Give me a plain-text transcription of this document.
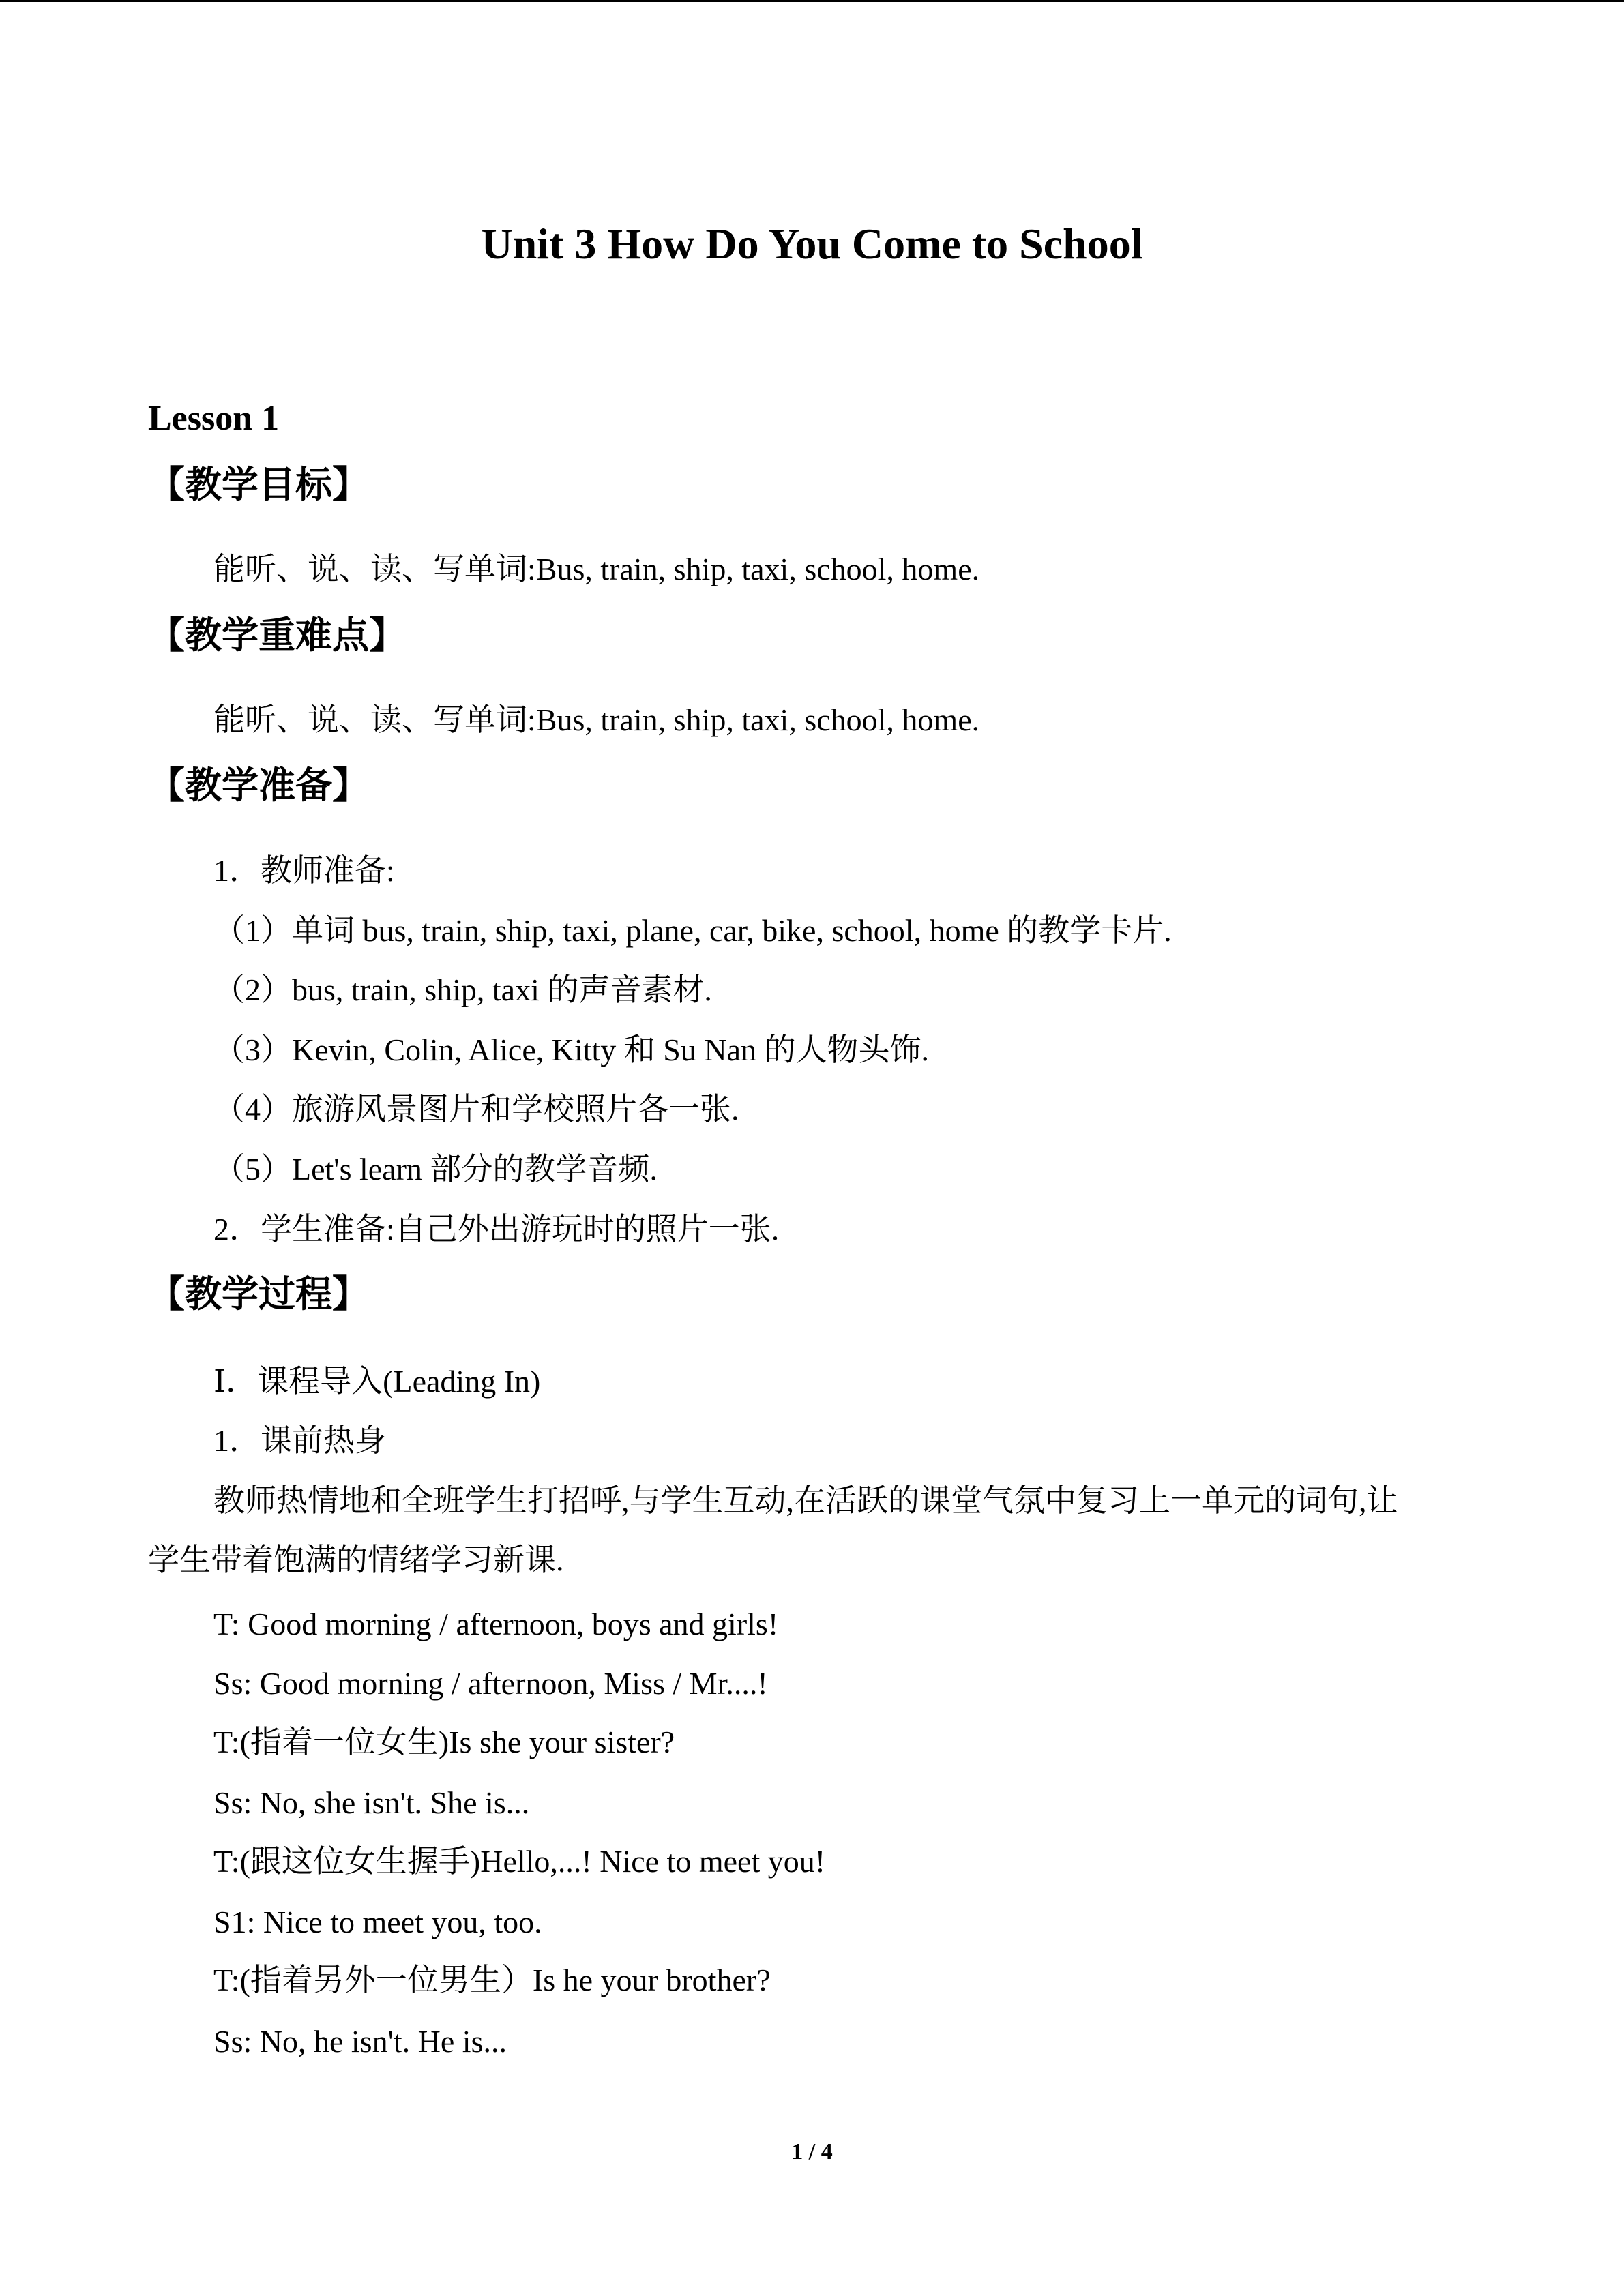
Unit 3 How Do You Come to School
Lesson 1
【教学目标】
能听、说、读、写单词:Bus, train, ship, taxi, school, home.
【教学重难点】
能听、说、读、写单词:Bus, train, ship, taxi, school, home.
【教学准备】
1．教师准备:
（1）单词 bus, train, ship, taxi, plane, car, bike, school, home 的教学卡片.
（2）bus, train, ship, taxi 的声音素材.
（3）Kevin, Colin, Alice, Kitty 和 Su Nan 的人物头饰.
（4）旅游风景图片和学校照片各一张.
（5）Let's learn 部分的教学音频.
2．学生准备:自己外出游玩时的照片一张.
【教学过程】
Ⅰ．课程导入(Leading In)
1．课前热身
教师热情地和全班学生打招呼,与学生互动,在活跃的课堂气氛中复习上一单元的词句,让
学生带着饱满的情绪学习新课.
T: Good morning / afternoon, boys and girls!
Ss: Good morning / afternoon, Miss / Mr....!
T:(指着一位女生)Is she your sister?
Ss: No, she isn't. She is...
T:(跟这位女生握手)Hello,...! Nice to meet you!
S1: Nice to meet you, too.
T:(指着另外一位男生）Is he your brother?
Ss: No, he isn't. He is...
1 / 4
